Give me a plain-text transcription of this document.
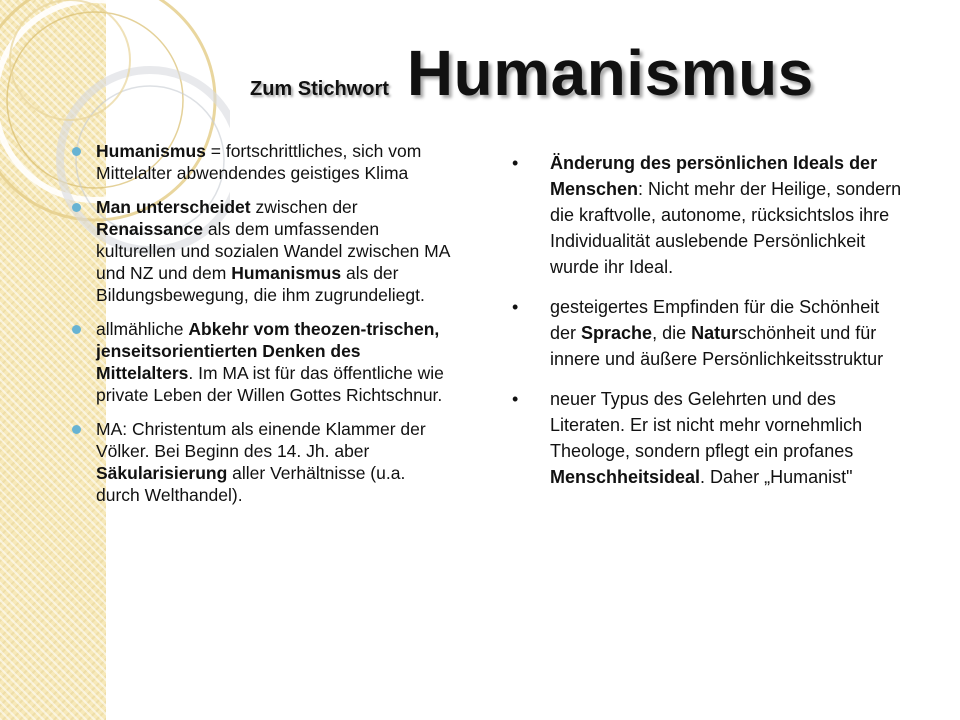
Zum Stichwort Humanismus
Humanismus = fortschrittliches, sich vom Mittelalter abwendendes geistiges Klima
Man unterscheidet zwischen der Renaissance als dem umfassenden kulturellen und sozialen Wandel zwischen MA und NZ und dem Humanismus als der Bildungsbewegung, die ihm zugrundeliegt.
allmähliche Abkehr vom theozen-trischen, jenseitsorientierten Denken des Mittelalters. Im MA ist für das öffentliche wie private Leben der Willen Gottes Richtschnur.
MA: Christentum als einende Klammer der Völker. Bei Beginn des 14. Jh. aber Säkularisierung aller Verhältnisse (u.a. durch Welthandel).
• Änderung des persönlichen Ideals der Menschen: Nicht mehr der Heilige, sondern die kraftvolle, autonome, rücksichtslos ihre Individualität auslebende Persönlichkeit wurde ihr Ideal.
• gesteigertes Empfinden für die Schönheit der Sprache, die Naturschönheit und für innere und äußere Persönlichkeitsstruktur
• neuer Typus des Gelehrten und des Literaten. Er ist nicht mehr vornehmlich Theologe, sondern pflegt ein profanes Menschheitsideal. Daher „Humanist"
